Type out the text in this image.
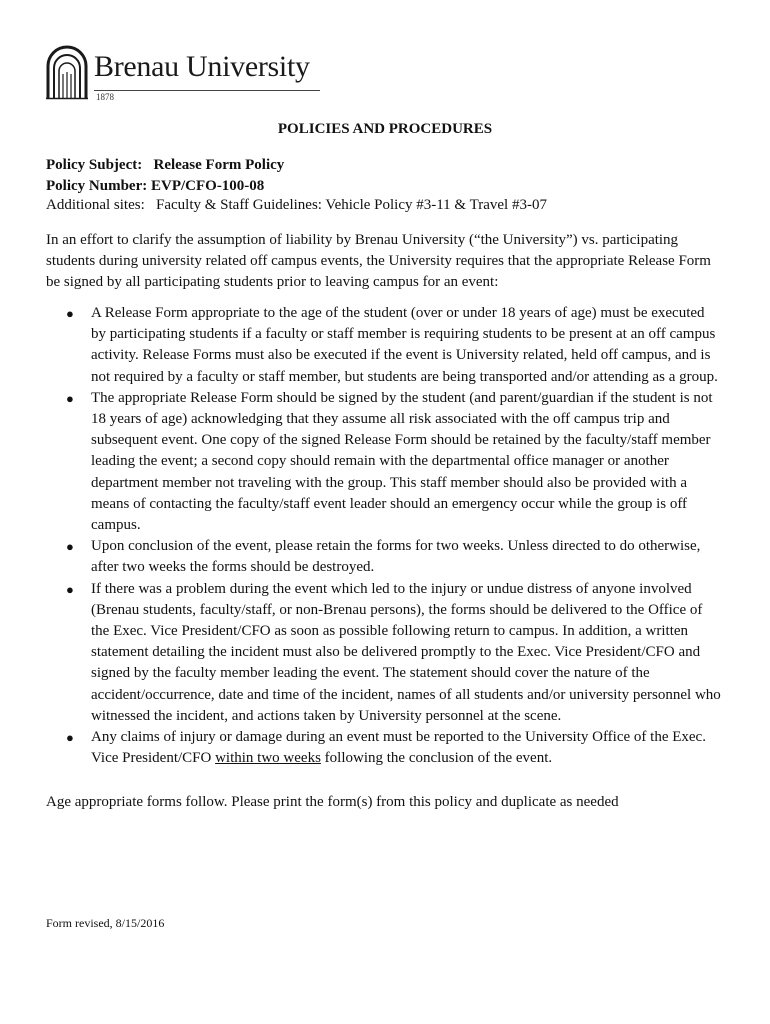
Brenau University
1878
POLICIES AND PROCEDURES
Policy Subject: Release Form Policy
Policy Number: EVP/CFO-100-08
Additional sites: Faculty & Staff Guidelines: Vehicle Policy #3-11 & Travel #3-07
In an effort to clarify the assumption of liability by Brenau University (“the University”) vs. participating
students during university related off campus events, the University requires that the appropriate Release Form
be signed by all participating students prior to leaving campus for an event:
● A Release Form appropriate to the age of the student (over or under 18 years of age) must be executed
by participating students if a faculty or staff member is requiring students to be present at an off campus
activity. Release Forms must also be executed if the event is University related, held off campus, and is
not required by a faculty or staff member, but students are being transported and/or attending as a group.
● The appropriate Release Form should be signed by the student (and parent/guardian if the student is not
18 years of age) acknowledging that they assume all risk associated with the off campus trip and
subsequent event. One copy of the signed Release Form should be retained by the faculty/staff member
leading the event; a second copy should remain with the departmental office manager or another
department member not traveling with the group. This staff member should also be provided with a
means of contacting the faculty/staff event leader should an emergency occur while the group is off
campus.
● Upon conclusion of the event, please retain the forms for two weeks. Unless directed to do otherwise,
after two weeks the forms should be destroyed.
● If there was a problem during the event which led to the injury or undue distress of anyone involved
(Brenau students, faculty/staff, or non-Brenau persons), the forms should be delivered to the Office of
the Exec. Vice President/CFO as soon as possible following return to campus. In addition, a written
statement detailing the incident must also be delivered promptly to the Exec. Vice President/CFO and
signed by the faculty member leading the event. The statement should cover the nature of the
accident/occurrence, date and time of the incident, names of all students and/or university personnel who
witnessed the incident, and actions taken by University personnel at the scene.
● Any claims of injury or damage during an event must be reported to the University Office of the Exec.
Vice President/CFO within two weeks following the conclusion of the event.
Age appropriate forms follow. Please print the form(s) from this policy and duplicate as needed
Form revised, 8/15/2016
